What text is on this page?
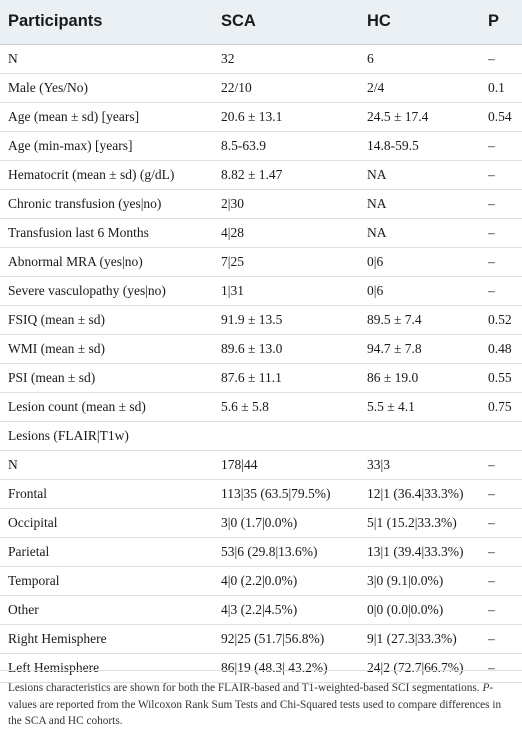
Participants	SCA	HC	P
N	32	6	–
Male (Yes/No)	22/10	2/4	0.1
Age (mean ± sd) [years]	20.6 ± 13.1	24.5 ± 17.4	0.54
Age (min-max) [years]	8.5-63.9	14.8-59.5	–
Hematocrit (mean ± sd) (g/dL)	8.82 ± 1.47	NA	–
Chronic transfusion (yes|no)	2|30	NA	–
Transfusion last 6 Months	4|28	NA	–
Abnormal MRA (yes|no)	7|25	0|6	–
Severe vasculopathy (yes|no)	1|31	0|6	–
FSIQ (mean ± sd)	91.9 ± 13.5	89.5 ± 7.4	0.52
WMI (mean ± sd)	89.6 ± 13.0	94.7 ± 7.8	0.48
PSI (mean ± sd)	87.6 ± 11.1	86 ± 19.0	0.55
Lesion count (mean ± sd)	5.6 ± 5.8	5.5 ± 4.1	0.75
Lesions (FLAIR|T1w)			
N	178|44	33|3	–
Frontal	113|35 (63.5|79.5%)	12|1 (36.4|33.3%)	–
Occipital	3|0 (1.7|0.0%)	5|1 (15.2|33.3%)	–
Parietal	53|6 (29.8|13.6%)	13|1 (39.4|33.3%)	–
Temporal	4|0 (2.2|0.0%)	3|0 (9.1|0.0%)	–
Other	4|3 (2.2|4.5%)	0|0 (0.0|0.0%)	–
Right Hemisphere	92|25 (51.7|56.8%)	9|1 (27.3|33.3%)	–
Left Hemisphere	86|19 (48.3| 43.2%)	24|2 (72.7|66.7%)	–
Lesions characteristics are shown for both the FLAIR-based and T1-weighted-based SCI segmentations. P-values are reported from the Wilcoxon Rank Sum Tests and Chi-Squared tests used to compare differences in the SCA and HC cohorts.
